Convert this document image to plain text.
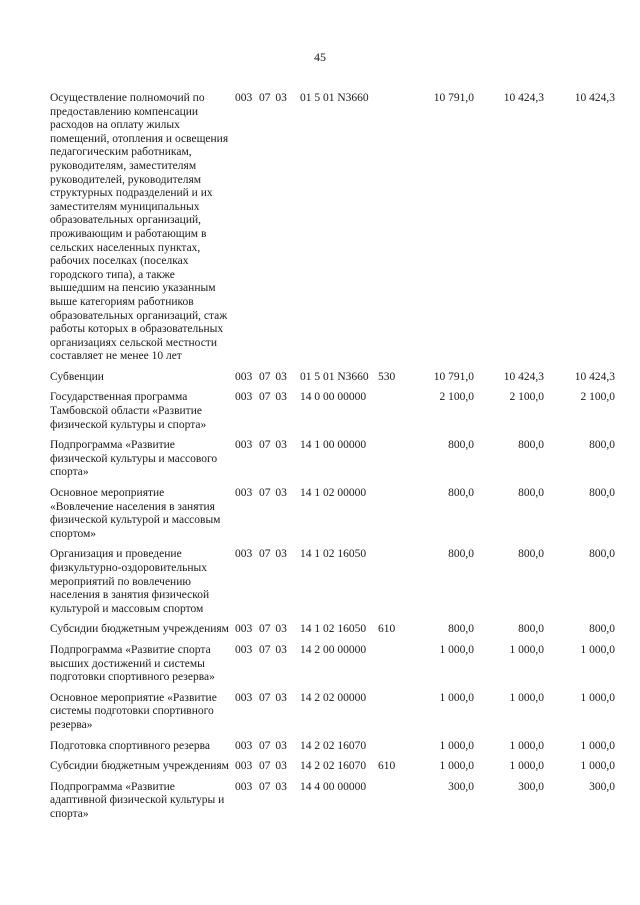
45
Осуществление полномочий по предоставлению компенсации расходов на оплату жилых помещений, отопления и освещения педагогическим работникам, руководителям, заместителям руководителей, руководителям структурных подразделений и их заместителям муниципальных образовательных организаций, проживающим и работающим в сельских населенных пунктах, рабочих поселках (поселках городского типа), а также вышедшим на пенсию указанным выше категориям работников образовательных организаций, стаж работы которых в образовательных организациях сельской местности составляет не менее 10 лет	003	07 03	01 5 01 N3660		10 791,0	10 424,3	10 424,3
Субвенции	003	07 03	01 5 01 N3660	530	10 791,0	10 424,3	10 424,3
Государственная программа Тамбовской области «Развитие физической культуры и спорта»	003	07 03	14 0 00 00000		2 100,0	2 100,0	2 100,0
Подпрограмма «Развитие физической культуры и массового спорта»	003	07 03	14 1 00 00000		800,0	800,0	800,0
Основное мероприятие «Вовлечение населения в занятия физической культурой и массовым спортом»	003	07 03	14 1 02 00000		800,0	800,0	800,0
Организация и проведение физкультурно-оздоровительных мероприятий по вовлечению населения в занятия физической культурой и массовым спортом	003	07 03	14 1 02 16050		800,0	800,0	800,0
Субсидии бюджетным учреждениям	003	07 03	14 1 02 16050	610	800,0	800,0	800,0
Подпрограмма «Развитие спорта высших достижений и системы подготовки спортивного резерва»	003	07 03	14 2 00 00000		1 000,0	1 000,0	1 000,0
Основное мероприятие «Развитие системы подготовки спортивного резерва»	003	07 03	14 2 02 00000		1 000,0	1 000,0	1 000,0
Подготовка спортивного резерва	003	07 03	14 2 02 16070		1 000,0	1 000,0	1 000,0
Субсидии бюджетным учреждениям	003	07 03	14 2 02 16070	610	1 000,0	1 000,0	1 000,0
Подпрограмма «Развитие адаптивной физической культуры и спорта»	003	07 03	14 4 00 00000		300,0	300,0	300,0
